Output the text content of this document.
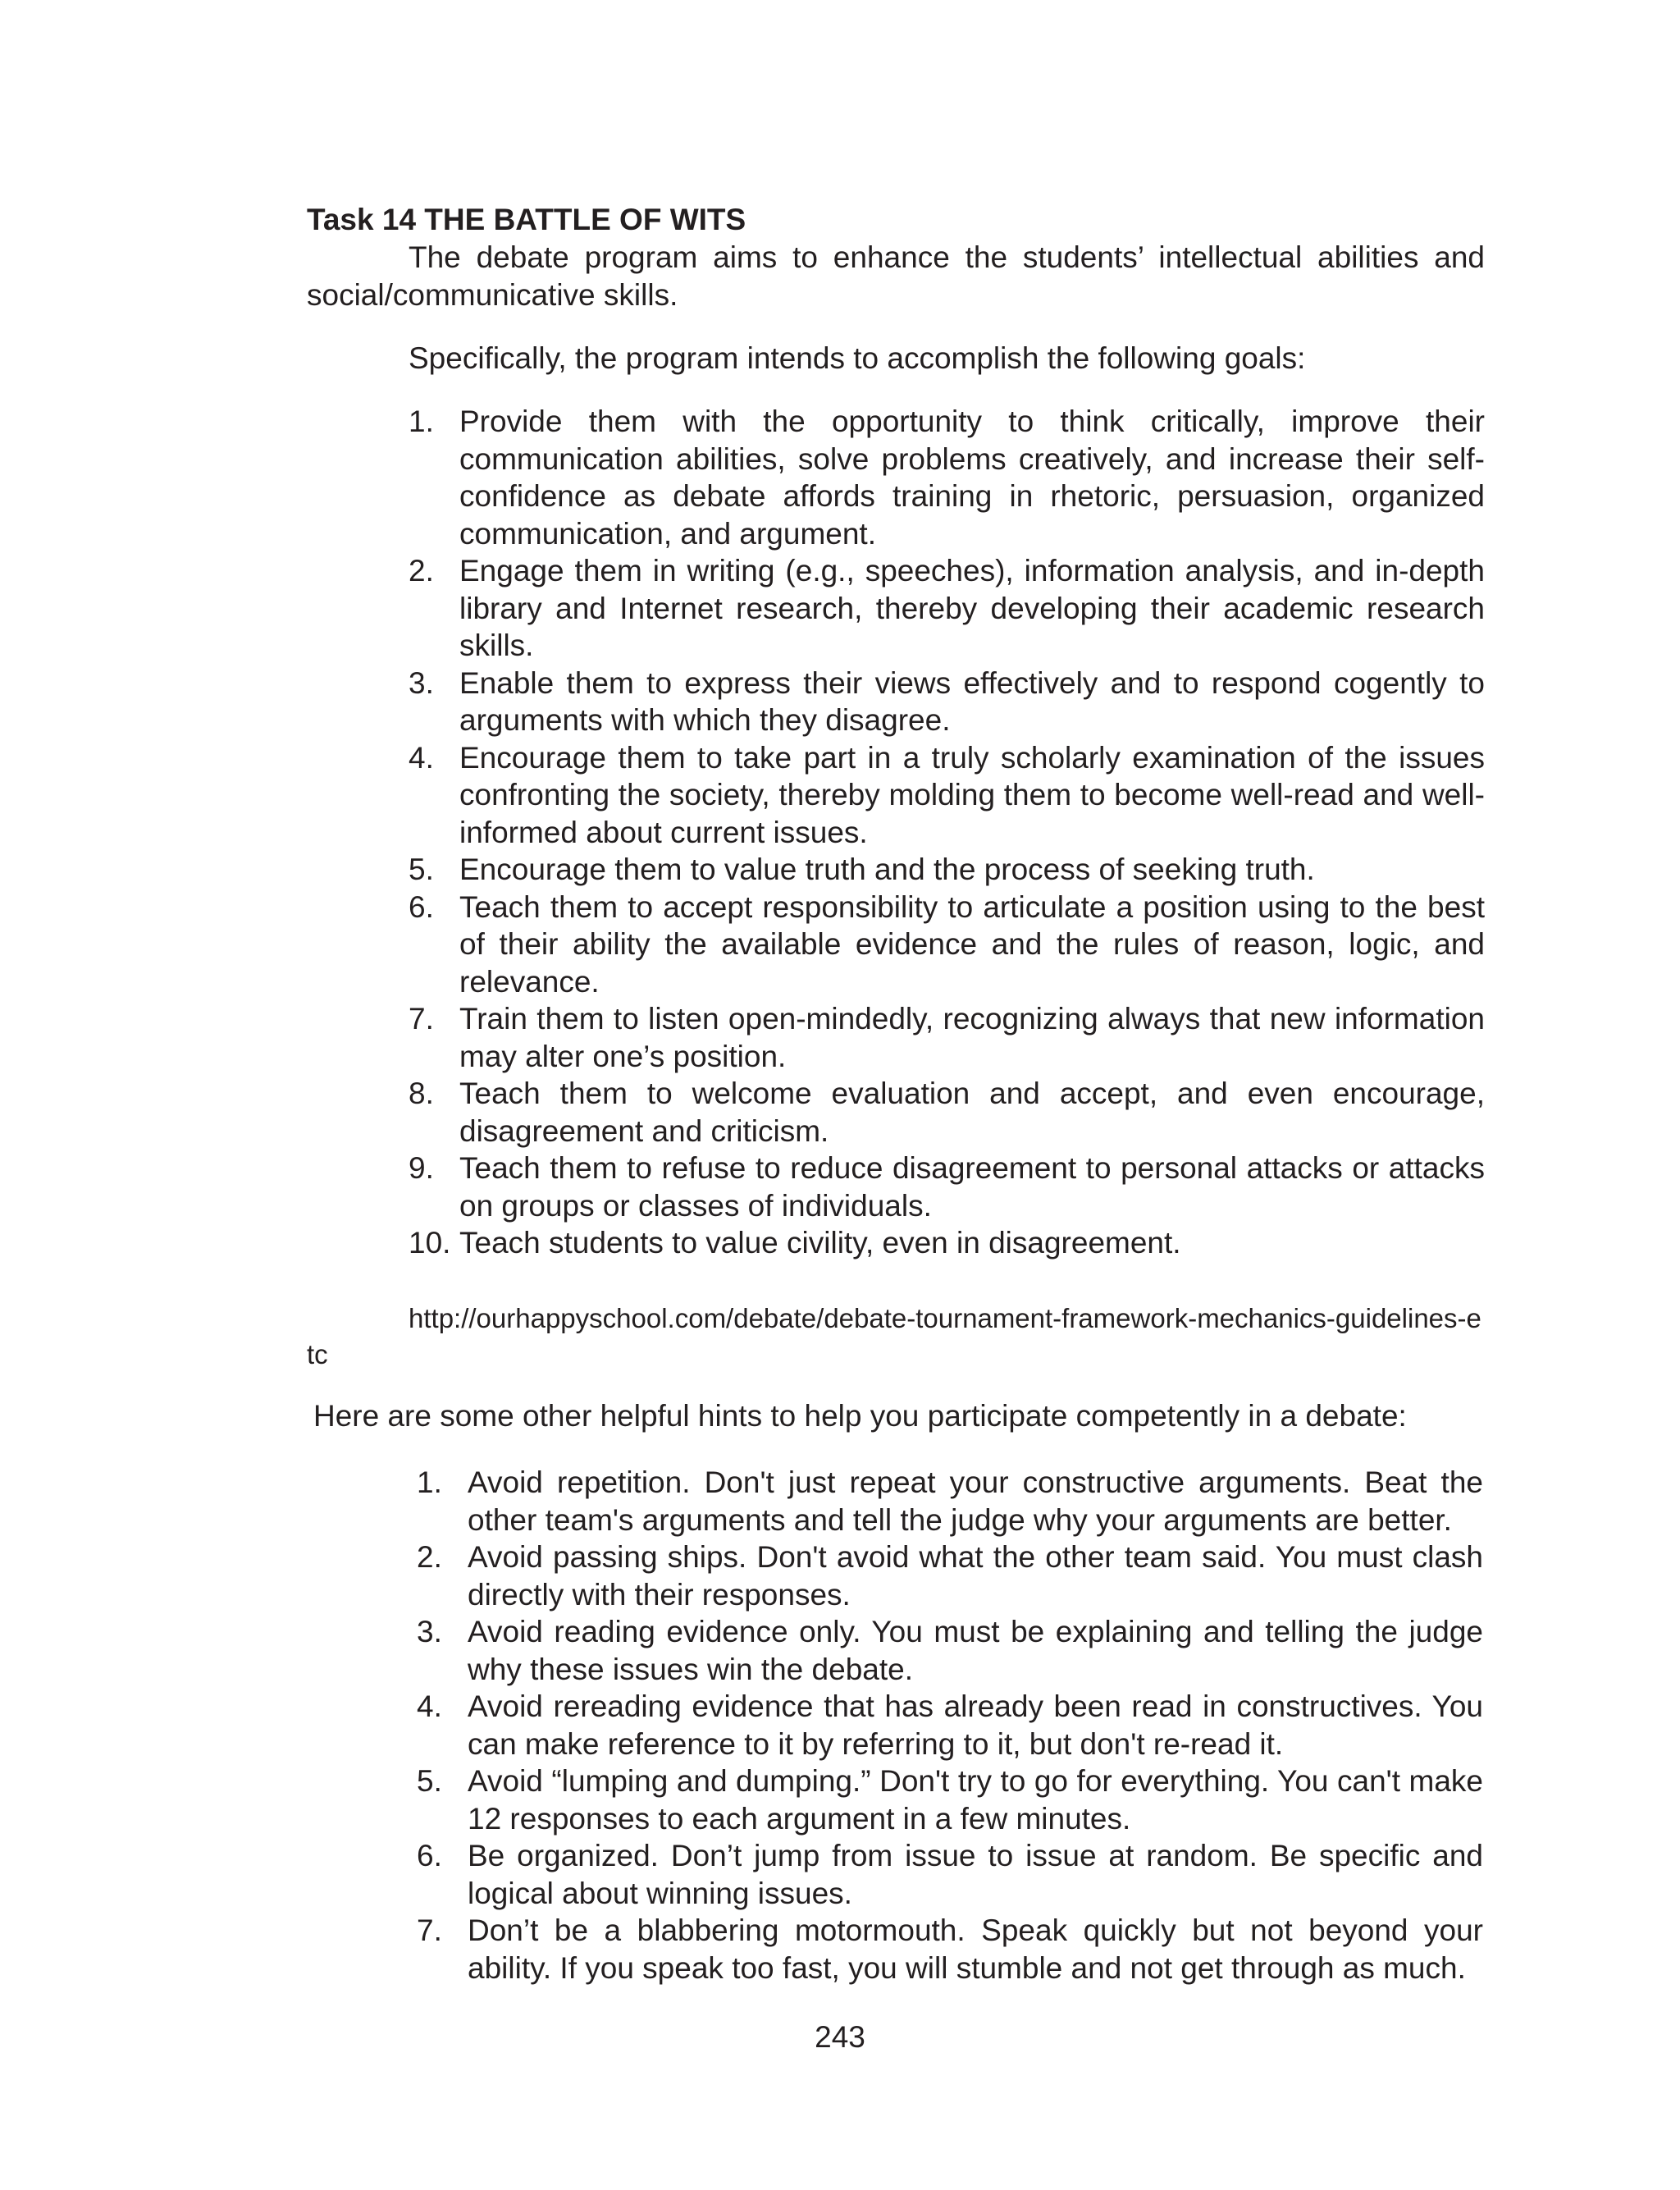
Task 14 THE BATTLE OF WITS

The debate program aims to enhance the students’ intellectual abilities and social/communicative skills.

Specifically, the program intends to accomplish the following goals:

1. Provide them with the opportunity to think critically, improve their communication abilities, solve problems creatively, and increase their self-confidence as debate affords training in rhetoric, persuasion, organized communication, and argument.
2. Engage them in writing (e.g., speeches), information analysis, and in-depth library and Internet research, thereby developing their academic research skills.
3. Enable them to express their views effectively and to respond cogently to arguments with which they disagree.
4. Encourage them to take part in a truly scholarly examination of the issues confronting the society, thereby molding them to become well-read and well-informed about current issues.
5. Encourage them to value truth and the process of seeking truth.
6. Teach them to accept responsibility to articulate a position using to the best of their ability the available evidence and the rules of reason, logic, and relevance.
7. Train them to listen open-mindedly, recognizing always that new information may alter one’s position.
8. Teach them to welcome evaluation and accept, and even encourage, disagreement and criticism.
9. Teach them to refuse to reduce disagreement to personal attacks or attacks on groups or classes of individuals.
10. Teach students to value civility, even in disagreement.

http://ourhappyschool.com/debate/debate-tournament-framework-mechanics-guidelines-etc

Here are some other helpful hints to help you participate competently in a debate:

1. Avoid repetition. Don't just repeat your constructive arguments. Beat the other team's arguments and tell the judge why your arguments are better.
2. Avoid passing ships. Don't avoid what the other team said. You must clash directly with their responses.
3. Avoid reading evidence only. You must be explaining and telling the judge why these issues win the debate.
4. Avoid rereading evidence that has already been read in constructives. You can make reference to it by referring to it, but don't re-read it.
5. Avoid “lumping and dumping.” Don't try to go for everything. You can't make 12 responses to each argument in a few minutes.
6. Be organized. Don’t jump from issue to issue at random. Be specific and logical about winning issues.
7. Don’t be a blabbering motormouth. Speak quickly but not beyond your ability. If you speak too fast, you will stumble and not get through as much.

243
